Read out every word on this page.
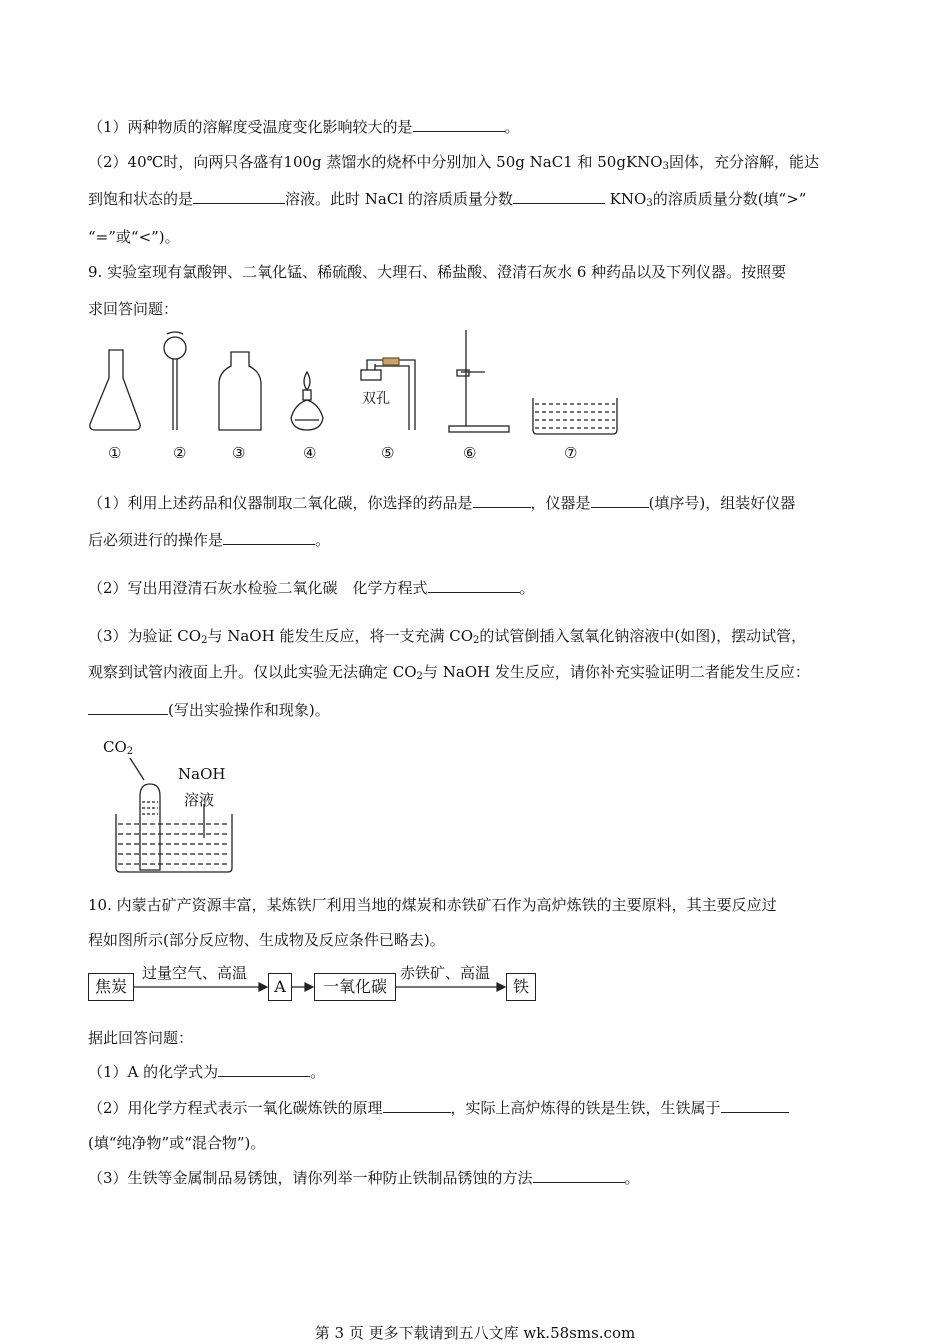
（1）两种物质的溶解度受温度变化影响较大的是	。
（2）40℃时，向两只各盛有100g 蒸馏水的烧杯中分别加入 50g NaC1 和 50gKNO$_3$固体，充分溶解，能达
到饱和状态的是	溶液。此时 NaCl 的溶质质量分数	$KNO_3$的溶质质量分数(填“>”
“=”或“<”)。
9. 实验室现有氯酸钾、二氧化锰、稀硫酸、大理石、稀盐酸、澄清石灰水 6 种药品以及下列仪器。按照要
求回答问题：
双孔
①	②	③	④	⑤	⑥	⑦
（1）利用上述药品和仪器制取二氧化碳，你选择的药品是	，仪器是	(填序号)，组装好仪器
后必须进行的操作是	。
（2）写出用澄清石灰水检验二氧化碳　化学方程式	。
（3）为验证 $CO_2$与 NaOH 能发生反应，将一支充满 $CO_2$的试管倒插入氢氧化钠溶液中(如图)，摆动试管，
观察到试管内液面上升。仅以此实验无法确定 $CO_2$与 NaOH 发生反应，请你补充实验证明二者能发生反应：
(写出实验操作和现象)。
$CO_2$
NaOH
溶液
10. 内蒙古矿产资源丰富，某炼铁厂利用当地的煤炭和赤铁矿石作为高炉炼铁的主要原料，其主要反应过
程如图所示(部分反应物、生成物及反应条件已略去)。
焦炭
过量空气、高温
A	一氧化碳
赤铁矿、高温
铁
据此回答问题：
（1）A 的化学式为	。
（2）用化学方程式表示一氧化碳炼铁的原理	，实际上高炉炼得的铁是生铁，生铁属于
(填“纯净物”或“混合物”)。
（3）生铁等金属制品易锈蚀，请你列举一种防止铁制品锈蚀的方法	。
第 3 页 更多下载请到五八文库 wk.58sms.com
